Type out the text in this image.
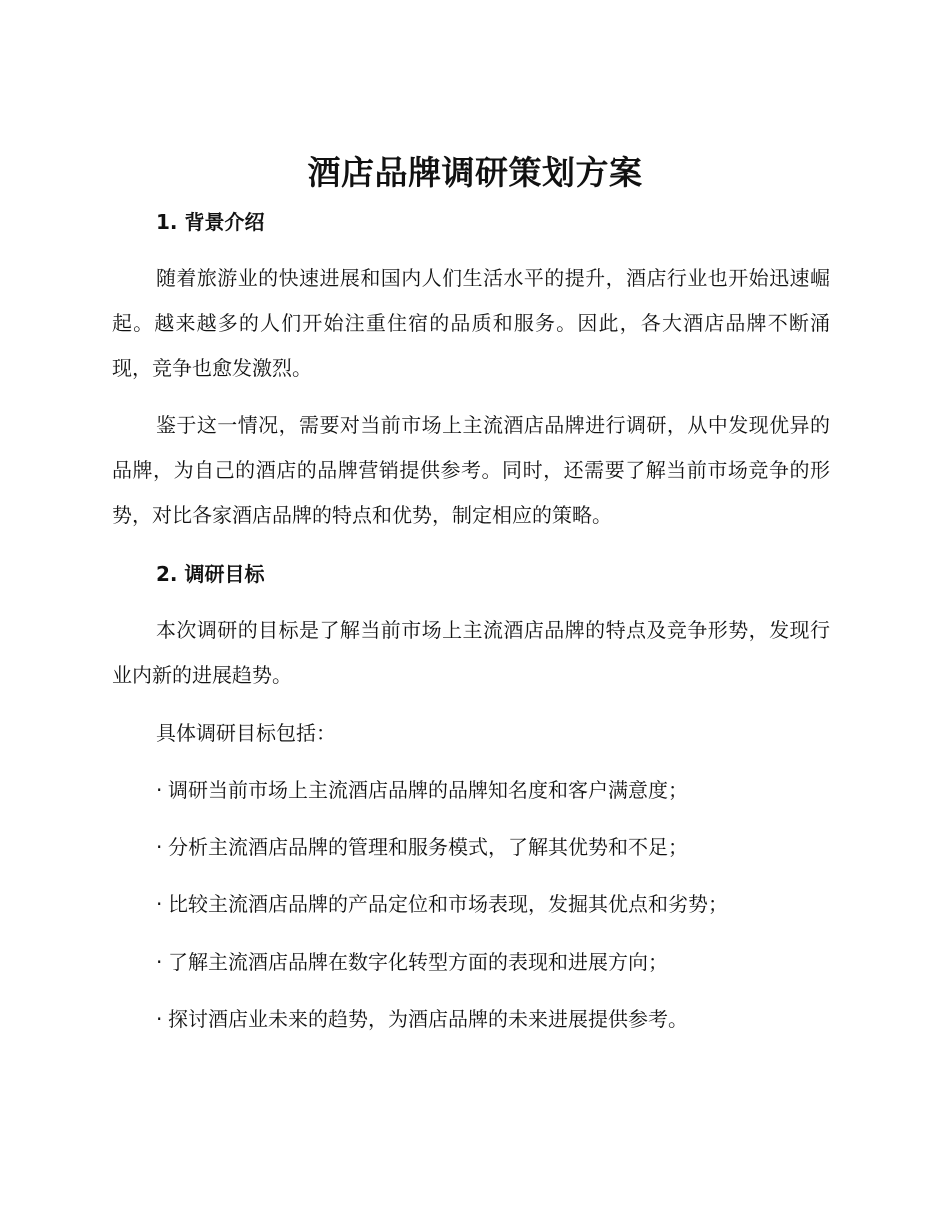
酒店品牌调研策划方案
1. 背景介绍

随着旅游业的快速进展和国内人们生活水平的提升，酒店行业也开始迅速崛起。越来越多的人们开始注重住宿的品质和服务。因此，各大酒店品牌不断涌现，竞争也愈发激烈。

鉴于这一情况，需要对当前市场上主流酒店品牌进行调研，从中发现优异的品牌，为自己的酒店的品牌营销提供参考。同时，还需要了解当前市场竞争的形势，对比各家酒店品牌的特点和优势，制定相应的策略。

2. 调研目标

本次调研的目标是了解当前市场上主流酒店品牌的特点及竞争形势，发现行业内新的进展趋势。

具体调研目标包括：
· 调研当前市场上主流酒店品牌的品牌知名度和客户满意度；
· 分析主流酒店品牌的管理和服务模式，了解其优势和不足；
· 比较主流酒店品牌的产品定位和市场表现，发掘其优点和劣势；
· 了解主流酒店品牌在数字化转型方面的表现和进展方向；
· 探讨酒店业未来的趋势，为酒店品牌的未来进展提供参考。
